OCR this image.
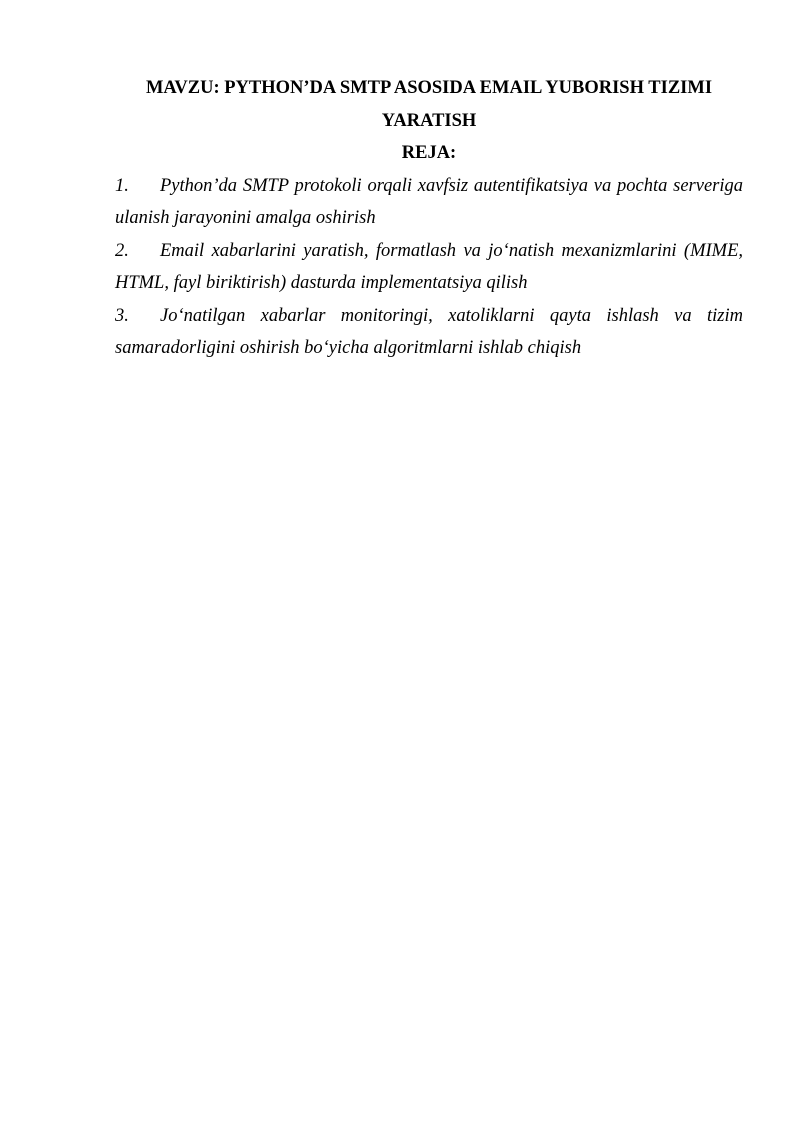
MAVZU: PYTHON’DA SMTP ASOSIDA EMAIL YUBORISH TIZIMI YARATISH

REJA:

1. Python’da SMTP protokoli orqali xavfsiz autentifikatsiya va pochta serveriga ulanish jarayonini amalga oshirish
2. Email xabarlarini yaratish, formatlash va jo‘natish mexanizmlarini (MIME, HTML, fayl biriktirish) dasturda implementatsiya qilish
3. Jo‘natilgan xabarlar monitoringi, xatoliklarni qayta ishlash va tizim samaradorligini oshirish bo‘yicha algoritmlarni ishlab chiqish
